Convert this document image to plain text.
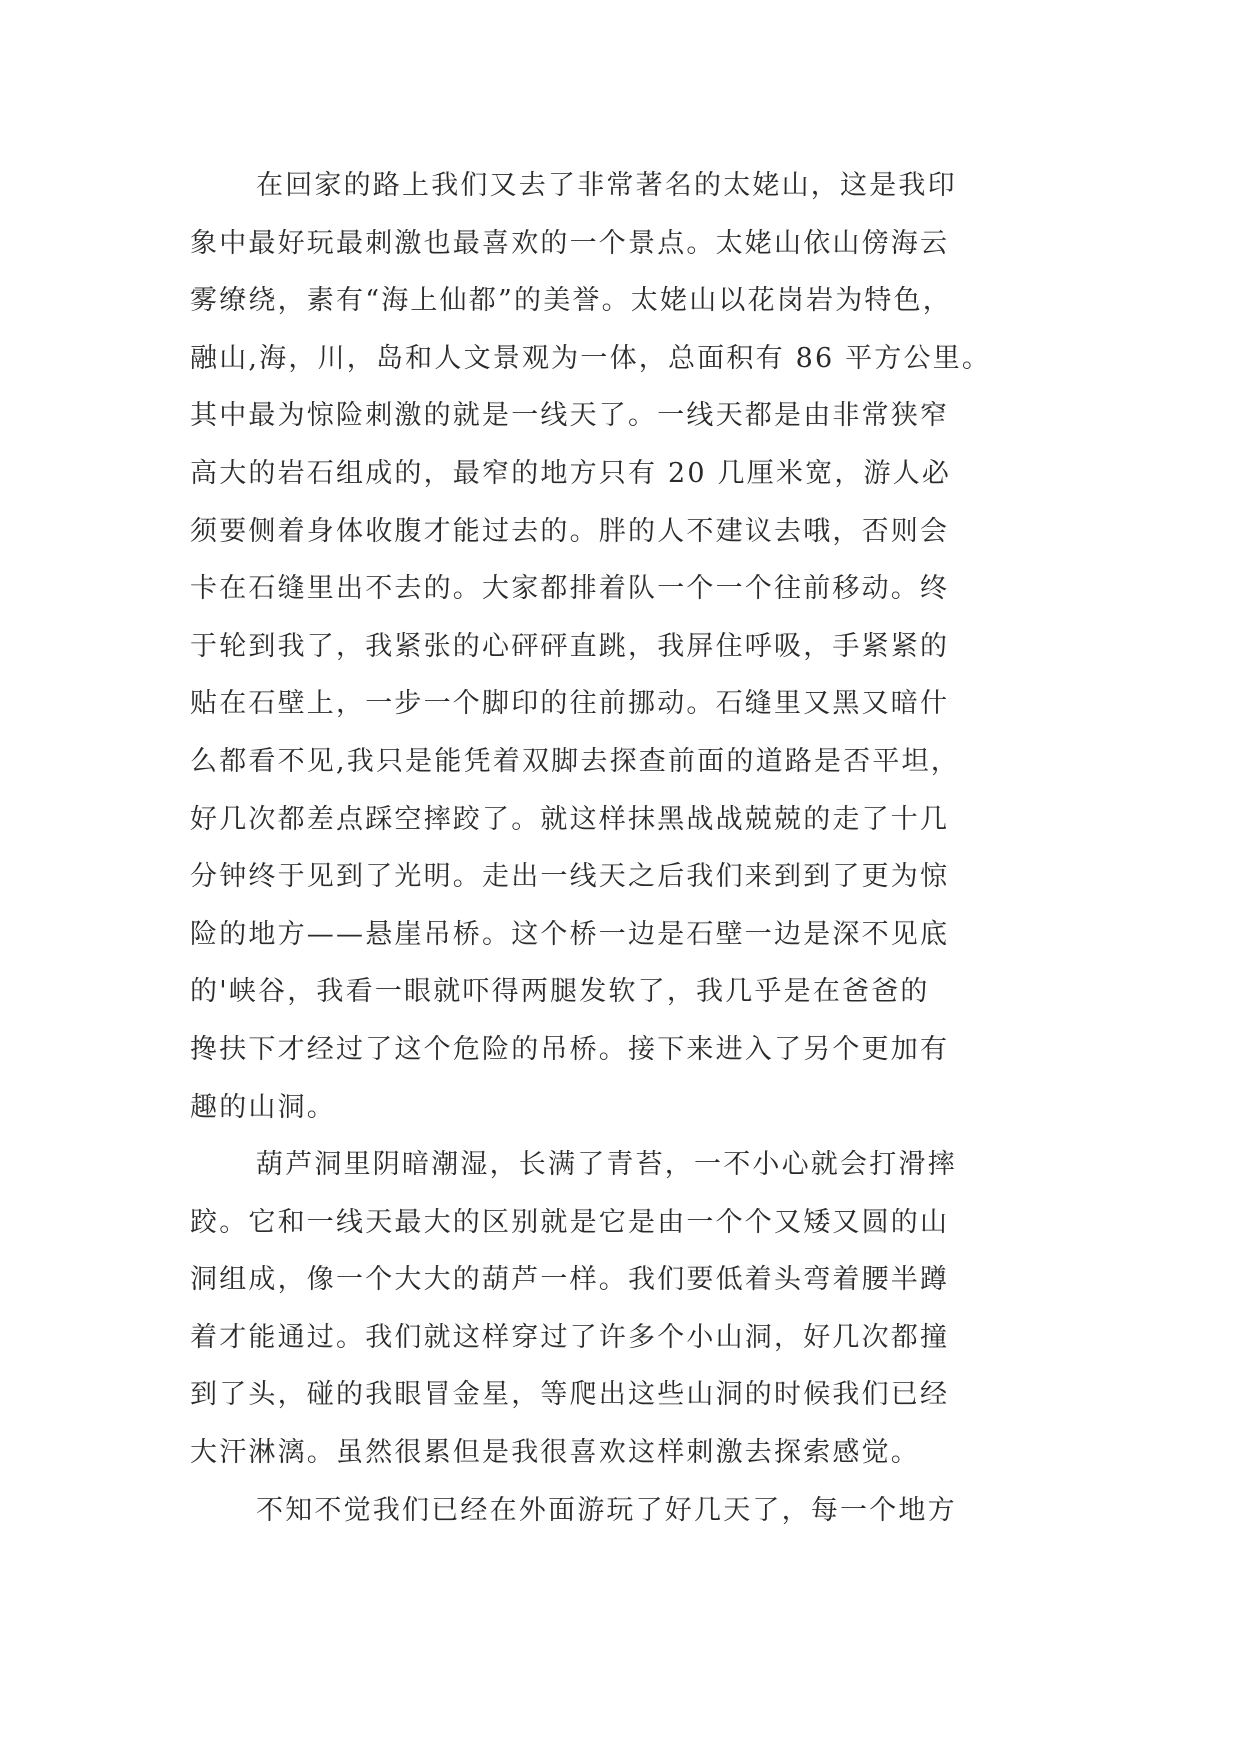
在回家的路上我们又去了非常著名的太姥山，这是我印
象中最好玩最刺激也最喜欢的一个景点。太姥山依山傍海云
雾缭绕，素有“海上仙都”的美誉。太姥山以花岗岩为特色，
融山,海，川，岛和人文景观为一体，总面积有 86 平方公里。
其中最为惊险刺激的就是一线天了。一线天都是由非常狭窄
高大的岩石组成的，最窄的地方只有 20 几厘米宽，游人必
须要侧着身体收腹才能过去的。胖的人不建议去哦，否则会
卡在石缝里出不去的。大家都排着队一个一个往前移动。终
于轮到我了，我紧张的心砰砰直跳，我屏住呼吸，手紧紧的
贴在石壁上，一步一个脚印的往前挪动。石缝里又黑又暗什
么都看不见,我只是能凭着双脚去探查前面的道路是否平坦，
好几次都差点踩空摔跤了。就这样抹黑战战兢兢的走了十几
分钟终于见到了光明。走出一线天之后我们来到到了更为惊
险的地方——悬崖吊桥。这个桥一边是石壁一边是深不见底
的'峡谷，我看一眼就吓得两腿发软了，我几乎是在爸爸的
搀扶下才经过了这个危险的吊桥。接下来进入了另个更加有
趣的山洞。
葫芦洞里阴暗潮湿，长满了青苔，一不小心就会打滑摔
跤。它和一线天最大的区别就是它是由一个个又矮又圆的山
洞组成，像一个大大的葫芦一样。我们要低着头弯着腰半蹲
着才能通过。我们就这样穿过了许多个小山洞，好几次都撞
到了头，碰的我眼冒金星，等爬出这些山洞的时候我们已经
大汗淋漓。虽然很累但是我很喜欢这样刺激去探索感觉。
不知不觉我们已经在外面游玩了好几天了，每一个地方
